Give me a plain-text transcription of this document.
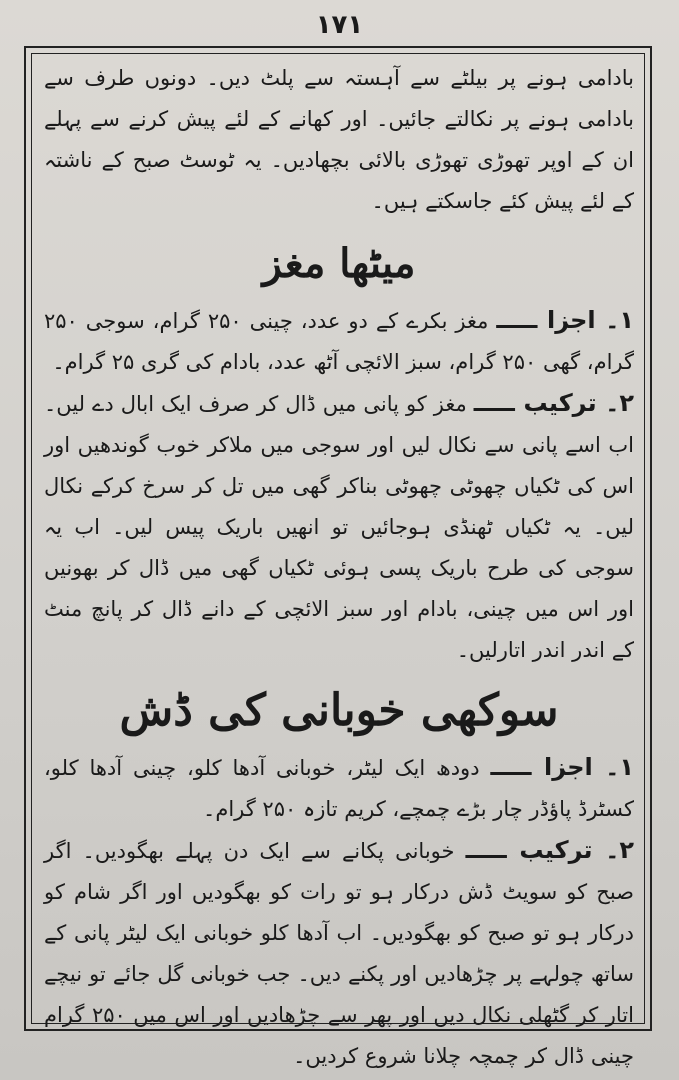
۱۷۱

بادامی ہونے پر بیلٹے سے آہستہ سے پلٹ دیں۔ دونوں طرف سے بادامی ہونے پر نکالتے جائیں۔ اور کھانے کے لئے پیش کرنے سے پہلے ان کے اوپر تھوڑی تھوڑی بالائی بچھادیں۔ یہ ٹوسٹ صبح کے ناشتہ کے لئے پیش کئے جاسکتے ہیں۔

میٹھا مغز

۱۔ اجزا ـــــ مغز بکرے کے دو عدد، چینی ۲۵۰ گرام، سوجی ۲۵۰ گرام، گھی ۲۵۰ گرام، سبز الائچی آٹھ عدد، بادام کی گری ۲۵ گرام۔

۲۔ ترکیب ـــــ مغز کو پانی میں ڈال کر صرف ایک ابال دے لیں۔ اب اسے پانی سے نکال لیں اور سوجی میں ملاکر خوب گوندھیں اور اس کی ٹکیاں چھوٹی چھوٹی بناکر گھی میں تل کر سرخ کرکے نکال لیں۔ یہ ٹکیاں ٹھنڈی ہوجائیں تو انھیں باریک پیس لیں۔ اب یہ سوجی کی طرح باریک پسی ہوئی ٹکیاں گھی میں ڈال کر بھونیں اور اس میں چینی، بادام اور سبز الائچی کے دانے ڈال کر پانچ منٹ کے اندر اندر اتارلیں۔

سوکھی خوبانی کی ڈش

۱۔ اجزا ـــــ دودھ ایک لیٹر، خوبانی آدھا کلو، چینی آدھا کلو، کسٹرڈ پاؤڈر چار بڑے چمچے، کریم تازہ ۲۵۰ گرام۔

۲۔ ترکیب ـــــ خوبانی پکانے سے ایک دن پہلے بھگودیں۔ اگر صبح کو سویٹ ڈش درکار ہو تو رات کو بھگودیں اور اگر شام کو درکار ہو تو صبح کو بھگودیں۔ اب آدھا کلو خوبانی ایک لیٹر پانی کے ساتھ چولہے پر چڑھادیں اور پکنے دیں۔ جب خوبانی گل جائے تو نیچے اتار کر گٹھلی نکال دیں اور پھر سے چڑھادیں اور اس میں ۲۵۰ گرام چینی ڈال کر چمچہ چلانا شروع کردیں۔
